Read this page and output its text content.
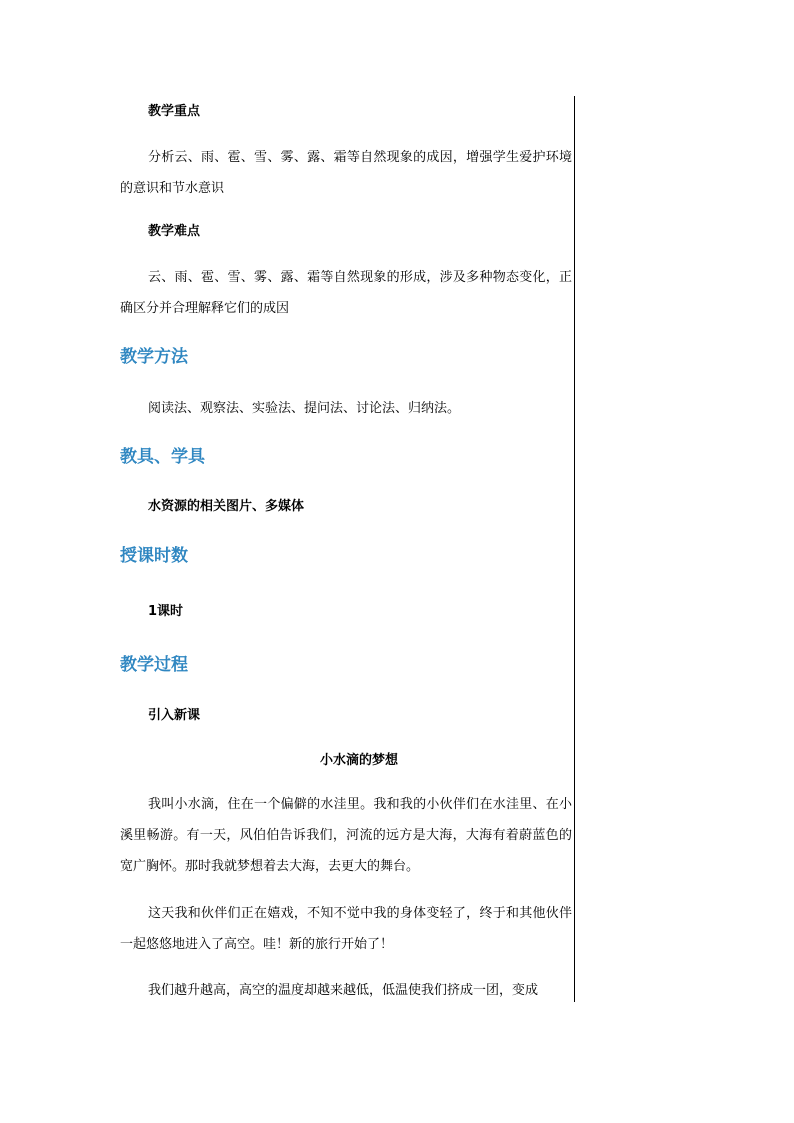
教学重点
分析云、雨、雹、雪、雾、露、霜等自然现象的成因，增强学生爱护环境的意识和节水意识
教学难点
云、雨、雹、雪、雾、露、霜等自然现象的形成，涉及多种物态变化，正确区分并合理解释它们的成因
教学方法
阅读法、观察法、实验法、提问法、讨论法、归纳法。
教具、学具
水资源的相关图片、多媒体
授课时数
1课时
教学过程
引入新课
小水滴的梦想
我叫小水滴，住在一个偏僻的水洼里。我和我的小伙伴们在水洼里、在小溪里畅游。有一天，风伯伯告诉我们，河流的远方是大海，大海有着蔚蓝色的宽广胸怀。那时我就梦想着去大海，去更大的舞台。
这天我和伙伴们正在嬉戏，不知不觉中我的身体变轻了，终于和其他伙伴一起悠悠地进入了高空。哇！新的旅行开始了！
我们越升越高，高空的温度却越来越低，低温使我们挤成一团，变成
